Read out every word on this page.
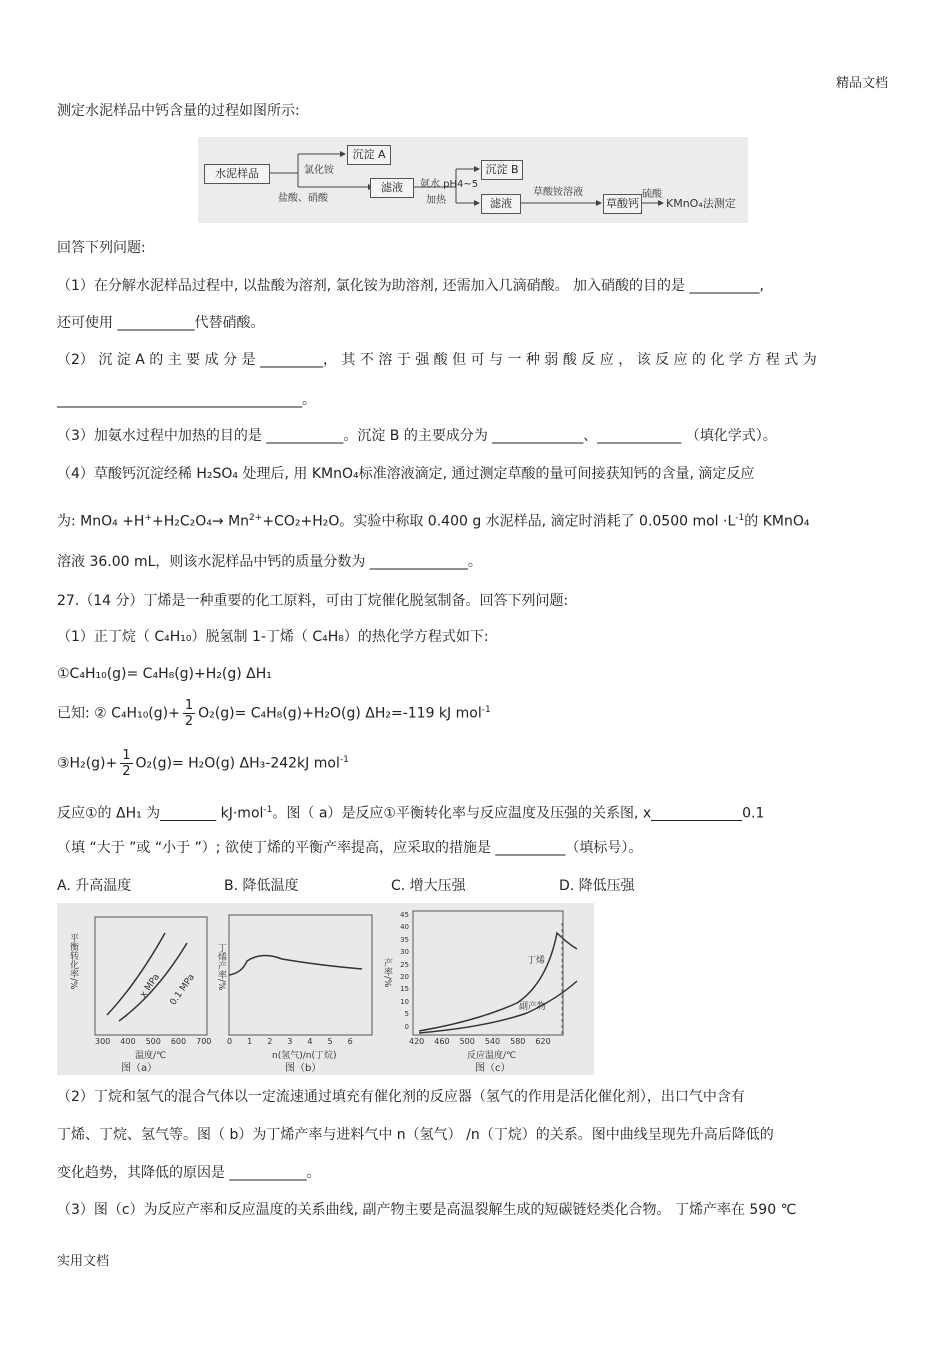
精品文档
实用文档
测定水泥样品中钙含量的过程如图所示:
水泥样品	氯化铵
盐酸、硝酸
沉淀 A
滤液	氨水 pH4~5
加热
沉淀 B
滤液
草酸铵溶液
草酸钙
硫酸
KMnO₄法测定
回答下列问题:
（1）在分解水泥样品过程中, 以盐酸为溶剂, 氯化铵为助溶剂, 还需加入几滴硝酸。 加入硝酸的目的是 __________,
还可使用 ___________代替硝酸。
（2） 沉 淀 A 的 主 要 成 分 是 _________， 其 不 溶 于 强 酸 但 可 与 一 种 弱 酸 反 应 ， 该 反 应 的 化 学 方 程 式 为
___________________________________。
（3）加氨水过程中加热的目的是 ___________。沉淀 B 的主要成分为 _____________、____________ （填化学式）。
（4）草酸钙沉淀经稀 H₂SO₄ 处理后, 用 KMnO₄标准溶液滴定, 通过测定草酸的量可间接获知钙的含量, 滴定反应
为: $MnO_4 +H^++H_2C_2O_4\to Mn^{2+}+CO_2+H_2O$。实验中称取 0.400 g 水泥样品, 滴定时消耗了 0.0500 mol $\cdot L^{-1}$的 KMnO₄
溶液 36.00 mL，则该水泥样品中钙的质量分数为 ______________。
27.（14 分）丁烯是一种重要的化工原料，可由丁烷催化脱氢制备。回答下列问题:
（1）正丁烷（ C₄H₁₀）脱氢制 1-丁烯（ C₄H₈）的热化学方程式如下:
①C₄H₁₀(g)= C₄H₈(g)+H₂(g) ΔH₁
已知: ② $C_4H_{10}(g)+ \frac{1}{2} O_2(g)= C_4H_8(g)+H_2O(g)$ ΔH₂=-119 kJ mol$^{-1}$
③H₂(g)+ $\frac{1}{2} O_2(g)= H_2O(g)$ ΔH₃-242kJ mol$^{-1}$
反应①的 ΔH₁ 为________ kJ·mol$^{-1}$。图（ a）是反应①平衡转化率与反应温度及压强的关系图, x_____________0.1
（填 “大于 ”或 “小于 ”）; 欲使丁烯的平衡产率提高，应采取的措施是 __________（填标号）。
A. 升高温度	B. 降低温度	C. 增大压强	D. 降低压强
平衡转化率/%	x MPa 0.1 MPa
300 400 500 600 700
温度/℃
图（a）
丁烯产率/%
0 1 2 3 4 5 6
n(氢气)/n(丁烷)
图（b）
45
40
35
30
25
20
15
10
5
0
产率/%	丁烯
副产物
420 460 500 540 580 620
反应温度/℃
图（c）
（2）丁烷和氢气的混合气体以一定流速通过填充有催化剂的反应器（氢气的作用是活化催化剂），出口气中含有
丁烯、丁烷、氢气等。图（ b）为丁烯产率与进料气中 n（氢气） /n（丁烷）的关系。图中曲线呈现先升高后降低的
变化趋势，其降低的原因是 ___________。
（3）图（c）为反应产率和反应温度的关系曲线, 副产物主要是高温裂解生成的短碳链烃类化合物。 丁烯产率在 590 ℃
